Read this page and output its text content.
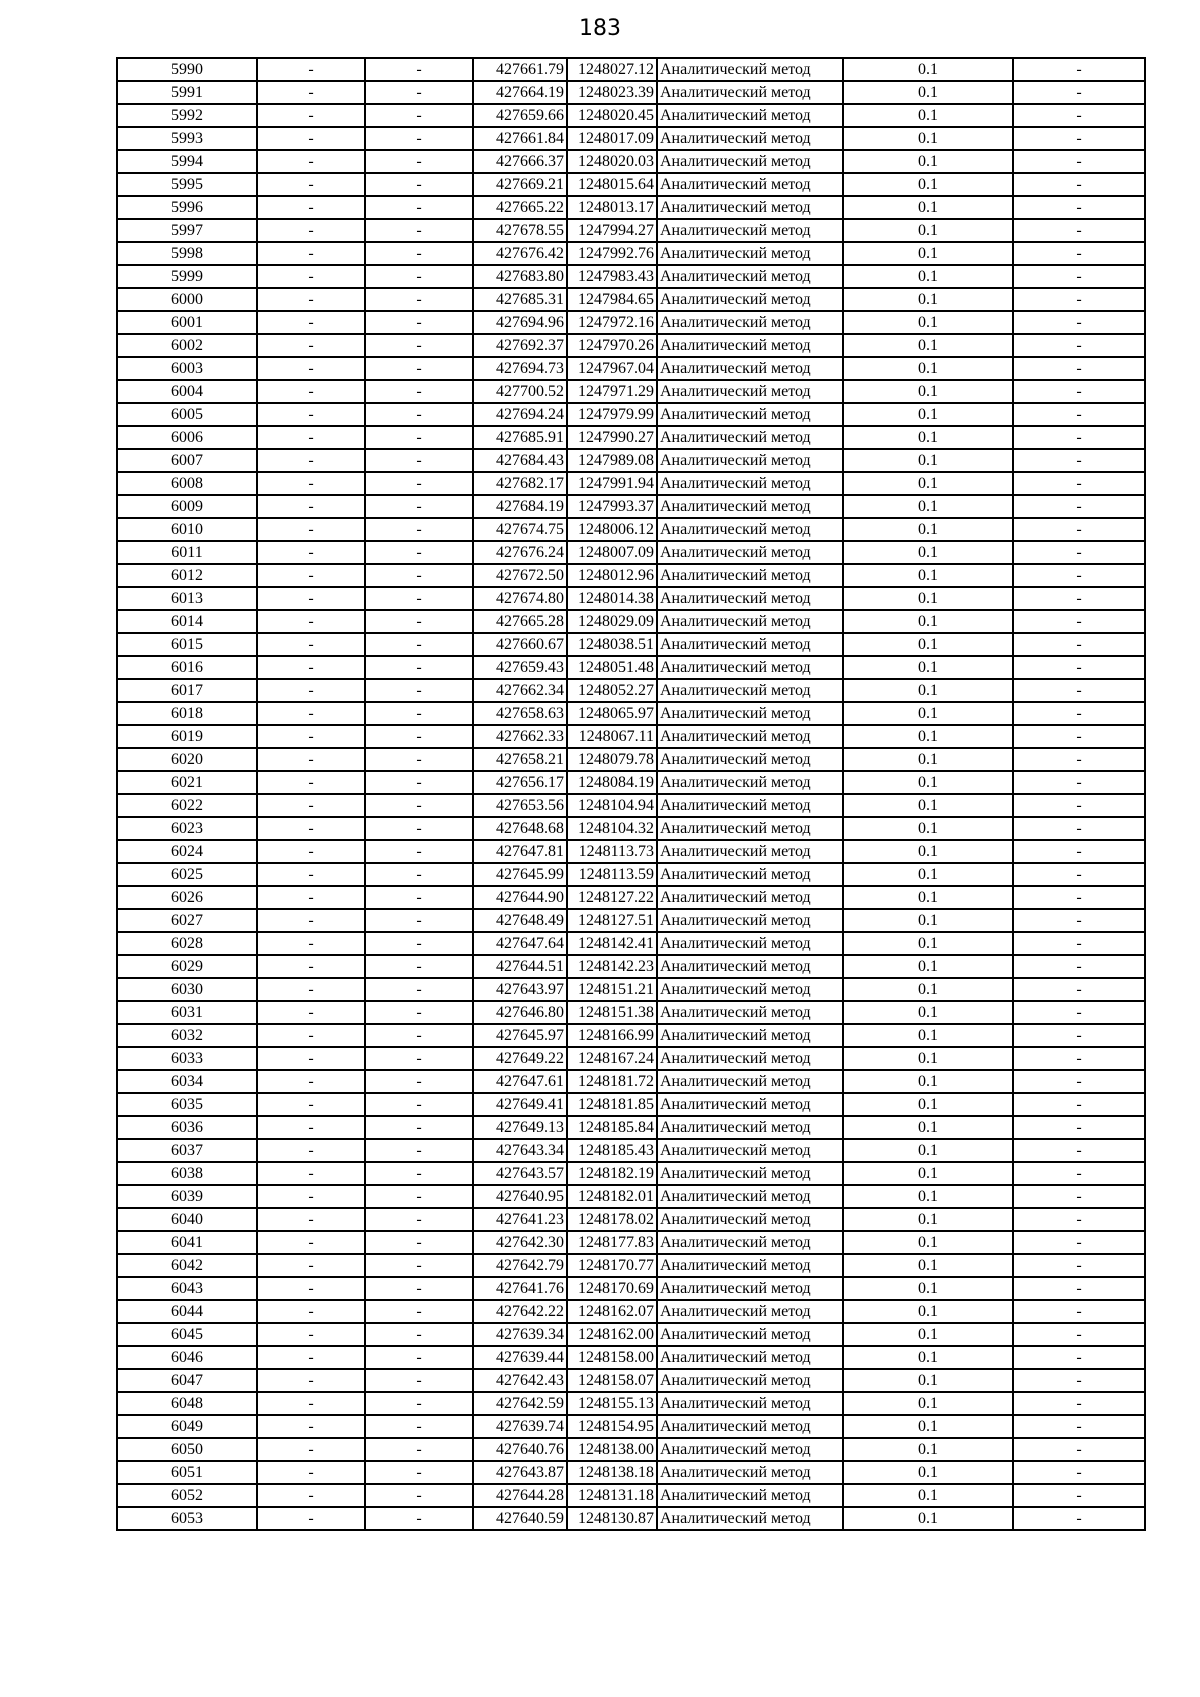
183
5990	-	-	427661.79	1248027.12	Аналитический метод	0.1	-
5991	-	-	427664.19	1248023.39	Аналитический метод	0.1	-
5992	-	-	427659.66	1248020.45	Аналитический метод	0.1	-
5993	-	-	427661.84	1248017.09	Аналитический метод	0.1	-
5994	-	-	427666.37	1248020.03	Аналитический метод	0.1	-
5995	-	-	427669.21	1248015.64	Аналитический метод	0.1	-
5996	-	-	427665.22	1248013.17	Аналитический метод	0.1	-
5997	-	-	427678.55	1247994.27	Аналитический метод	0.1	-
5998	-	-	427676.42	1247992.76	Аналитический метод	0.1	-
5999	-	-	427683.80	1247983.43	Аналитический метод	0.1	-
6000	-	-	427685.31	1247984.65	Аналитический метод	0.1	-
6001	-	-	427694.96	1247972.16	Аналитический метод	0.1	-
6002	-	-	427692.37	1247970.26	Аналитический метод	0.1	-
6003	-	-	427694.73	1247967.04	Аналитический метод	0.1	-
6004	-	-	427700.52	1247971.29	Аналитический метод	0.1	-
6005	-	-	427694.24	1247979.99	Аналитический метод	0.1	-
6006	-	-	427685.91	1247990.27	Аналитический метод	0.1	-
6007	-	-	427684.43	1247989.08	Аналитический метод	0.1	-
6008	-	-	427682.17	1247991.94	Аналитический метод	0.1	-
6009	-	-	427684.19	1247993.37	Аналитический метод	0.1	-
6010	-	-	427674.75	1248006.12	Аналитический метод	0.1	-
6011	-	-	427676.24	1248007.09	Аналитический метод	0.1	-
6012	-	-	427672.50	1248012.96	Аналитический метод	0.1	-
6013	-	-	427674.80	1248014.38	Аналитический метод	0.1	-
6014	-	-	427665.28	1248029.09	Аналитический метод	0.1	-
6015	-	-	427660.67	1248038.51	Аналитический метод	0.1	-
6016	-	-	427659.43	1248051.48	Аналитический метод	0.1	-
6017	-	-	427662.34	1248052.27	Аналитический метод	0.1	-
6018	-	-	427658.63	1248065.97	Аналитический метод	0.1	-
6019	-	-	427662.33	1248067.11	Аналитический метод	0.1	-
6020	-	-	427658.21	1248079.78	Аналитический метод	0.1	-
6021	-	-	427656.17	1248084.19	Аналитический метод	0.1	-
6022	-	-	427653.56	1248104.94	Аналитический метод	0.1	-
6023	-	-	427648.68	1248104.32	Аналитический метод	0.1	-
6024	-	-	427647.81	1248113.73	Аналитический метод	0.1	-
6025	-	-	427645.99	1248113.59	Аналитический метод	0.1	-
6026	-	-	427644.90	1248127.22	Аналитический метод	0.1	-
6027	-	-	427648.49	1248127.51	Аналитический метод	0.1	-
6028	-	-	427647.64	1248142.41	Аналитический метод	0.1	-
6029	-	-	427644.51	1248142.23	Аналитический метод	0.1	-
6030	-	-	427643.97	1248151.21	Аналитический метод	0.1	-
6031	-	-	427646.80	1248151.38	Аналитический метод	0.1	-
6032	-	-	427645.97	1248166.99	Аналитический метод	0.1	-
6033	-	-	427649.22	1248167.24	Аналитический метод	0.1	-
6034	-	-	427647.61	1248181.72	Аналитический метод	0.1	-
6035	-	-	427649.41	1248181.85	Аналитический метод	0.1	-
6036	-	-	427649.13	1248185.84	Аналитический метод	0.1	-
6037	-	-	427643.34	1248185.43	Аналитический метод	0.1	-
6038	-	-	427643.57	1248182.19	Аналитический метод	0.1	-
6039	-	-	427640.95	1248182.01	Аналитический метод	0.1	-
6040	-	-	427641.23	1248178.02	Аналитический метод	0.1	-
6041	-	-	427642.30	1248177.83	Аналитический метод	0.1	-
6042	-	-	427642.79	1248170.77	Аналитический метод	0.1	-
6043	-	-	427641.76	1248170.69	Аналитический метод	0.1	-
6044	-	-	427642.22	1248162.07	Аналитический метод	0.1	-
6045	-	-	427639.34	1248162.00	Аналитический метод	0.1	-
6046	-	-	427639.44	1248158.00	Аналитический метод	0.1	-
6047	-	-	427642.43	1248158.07	Аналитический метод	0.1	-
6048	-	-	427642.59	1248155.13	Аналитический метод	0.1	-
6049	-	-	427639.74	1248154.95	Аналитический метод	0.1	-
6050	-	-	427640.76	1248138.00	Аналитический метод	0.1	-
6051	-	-	427643.87	1248138.18	Аналитический метод	0.1	-
6052	-	-	427644.28	1248131.18	Аналитический метод	0.1	-
6053	-	-	427640.59	1248130.87	Аналитический метод	0.1	-
